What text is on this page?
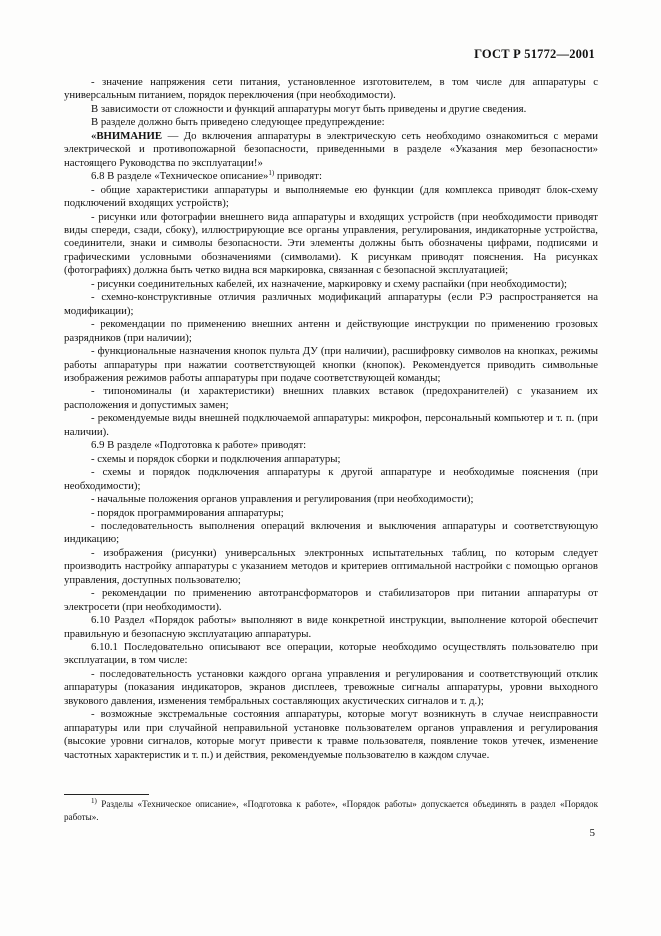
ГОСТ Р 51772—2001

- значение напряжения сети питания, установленное изготовителем, в том числе для аппаратуры с универсальным питанием, порядок переключения (при необходимости).

В зависимости от сложности и функций аппаратуры могут быть приведены и другие сведения.

В разделе должно быть приведено следующее предупреждение:

«ВНИМАНИЕ — До включения аппаратуры в электрическую сеть необходимо ознакомиться с мерами электрической и противопожарной безопасности, приведенными в разделе «Указания мер безопасности» настоящего Руководства по эксплуатации!»

6.8 В разделе «Техническое описание»$^{1)}$ приводят:

- общие характеристики аппаратуры и выполняемые ею функции (для комплекса приводят блок-схему подключений входящих устройств);

- рисунки или фотографии внешнего вида аппаратуры и входящих устройств (при необходимости приводят виды спереди, сзади, сбоку), иллюстрирующие все органы управления, регулирования, индикаторные устройства, соединители, знаки и символы безопасности. Эти элементы должны быть обозначены цифрами, подписями и графическими условными обозначениями (символами). К рисункам приводят пояснения. На рисунках (фотографиях) должна быть четко видна вся маркировка, связанная с безопасной эксплуатацией;

- рисунки соединительных кабелей, их назначение, маркировку и схему распайки (при необходимости);

- схемно-конструктивные отличия различных модификаций аппаратуры (если РЭ распространяется на модификации);

- рекомендации по применению внешних антенн и действующие инструкции по применению грозовых разрядников (при наличии);

- функциональные назначения кнопок пульта ДУ (при наличии), расшифровку символов на кнопках, режимы работы аппаратуры при нажатии соответствующей кнопки (кнопок). Рекомендуется приводить символьные изображения режимов работы аппаратуры при подаче соответствующей команды;

- типономиналы (и характеристики) внешних плавких вставок (предохранителей) с указанием их расположения и допустимых замен;

- рекомендуемые виды внешней подключаемой аппаратуры: микрофон, персональный компьютер и т. п. (при наличии).

6.9 В разделе «Подготовка к работе» приводят:

- схемы и порядок сборки и подключения аппаратуры;

- схемы и порядок подключения аппаратуры к другой аппаратуре и необходимые пояснения (при необходимости);

- начальные положения органов управления и регулирования (при необходимости);

- порядок программирования аппаратуры;

- последовательность выполнения операций включения и выключения аппаратуры и соответствующую индикацию;

- изображения (рисунки) универсальных электронных испытательных таблиц, по которым следует производить настройку аппаратуры с указанием методов и критериев оптимальной настройки с помощью органов управления, доступных пользователю;

- рекомендации по применению автотрансформаторов и стабилизаторов при питании аппаратуры от электросети (при необходимости).

6.10 Раздел «Порядок работы» выполняют в виде конкретной инструкции, выполнение которой обеспечит правильную и безопасную эксплуатацию аппаратуры.

6.10.1 Последовательно описывают все операции, которые необходимо осуществлять пользователю при эксплуатации, в том числе:

- последовательность установки каждого органа управления и регулирования и соответствующий отклик аппаратуры (показания индикаторов, экранов дисплеев, тревожные сигналы аппаратуры, уровни выходного звукового давления, изменения тембральных составляющих акустических сигналов и т. д.);

- возможные экстремальные состояния аппаратуры, которые могут возникнуть в случае неисправности аппаратуры или при случайной неправильной установке пользователем органов управления и регулирования (высокие уровни сигналов, которые могут привести к травме пользователя, появление токов утечек, изменение частотных характеристик и т. п.) и действия, рекомендуемые пользователю в каждом случае.

$^{1)}$ Разделы «Техническое описание», «Подготовка к работе», «Порядок работы» допускается объединять в раздел «Порядок работы».

5
